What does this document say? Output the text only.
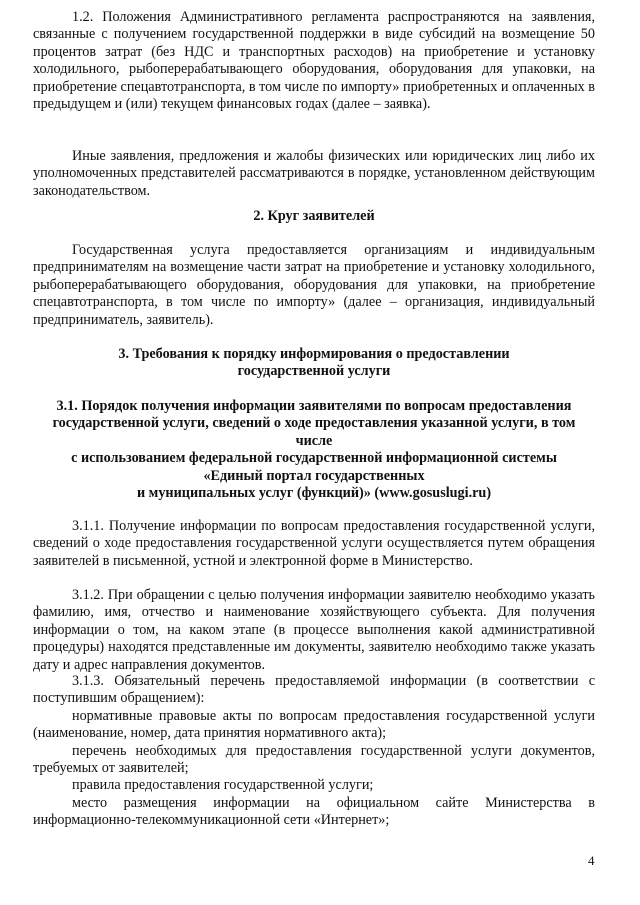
1.2. Положения Административного регламента распространяются на заявления, связанные с получением государственной поддержки в виде субсидий на возмещение 50 процентов затрат (без НДС и транспортных расходов) на приобретение и установку холодильного, рыбоперерабатывающего оборудования, оборудования для упаковки, на приобретение спецавтотранспорта, в том числе по импорту» приобретенных и оплаченных в предыдущем и (или) текущем финансовых годах (далее – заявка).

Иные заявления, предложения и жалобы физических или юридических лиц либо их уполномоченных представителей рассматриваются в порядке, установленном действующим законодательством.

2. Круг заявителей

Государственная услуга предоставляется организациям и индивидуальным предпринимателям на возмещение части затрат на приобретение и установку холодильного, рыбоперерабатывающего оборудования, оборудования для упаковки, на приобретение спецавтотранспорта, в том числе по импорту» (далее – организация, индивидуальный предприниматель, заявитель).

3. Требования к порядку информирования о предоставлении
государственной услуги
3.1. Порядок получения информации заявителями по вопросам предоставления
государственной услуги, сведений о ходе предоставления указанной услуги, в том
числе
с использованием федеральной государственной информационной системы
«Единый портал государственных
и муниципальных услуг (функций)» (www.gosuslugi.ru)

3.1.1. Получение информации по вопросам предоставления государственной услуги, сведений о ходе предоставления государственной услуги осуществляется путем обращения заявителей в письменной, устной и электронной форме в Министерство.

3.1.2. При обращении с целью получения информации заявителю необходимо указать фамилию, имя, отчество и наименование хозяйствующего субъекта. Для получения информации о том, на каком этапе (в процессе выполнения какой административной процедуры) находятся представленные им документы, заявителю необходимо также указать дату и адрес направления документов.

3.1.3. Обязательный перечень предоставляемой информации (в соответствии с поступившим обращением):

нормативные правовые акты по вопросам предоставления государственной услуги (наименование, номер, дата принятия нормативного акта);

перечень необходимых для предоставления государственной услуги документов, требуемых от заявителей;

правила предоставления государственной услуги;

место размещения информации на официальном сайте Министерства в информационно-телекоммуникационной сети «Интернет»;

4
